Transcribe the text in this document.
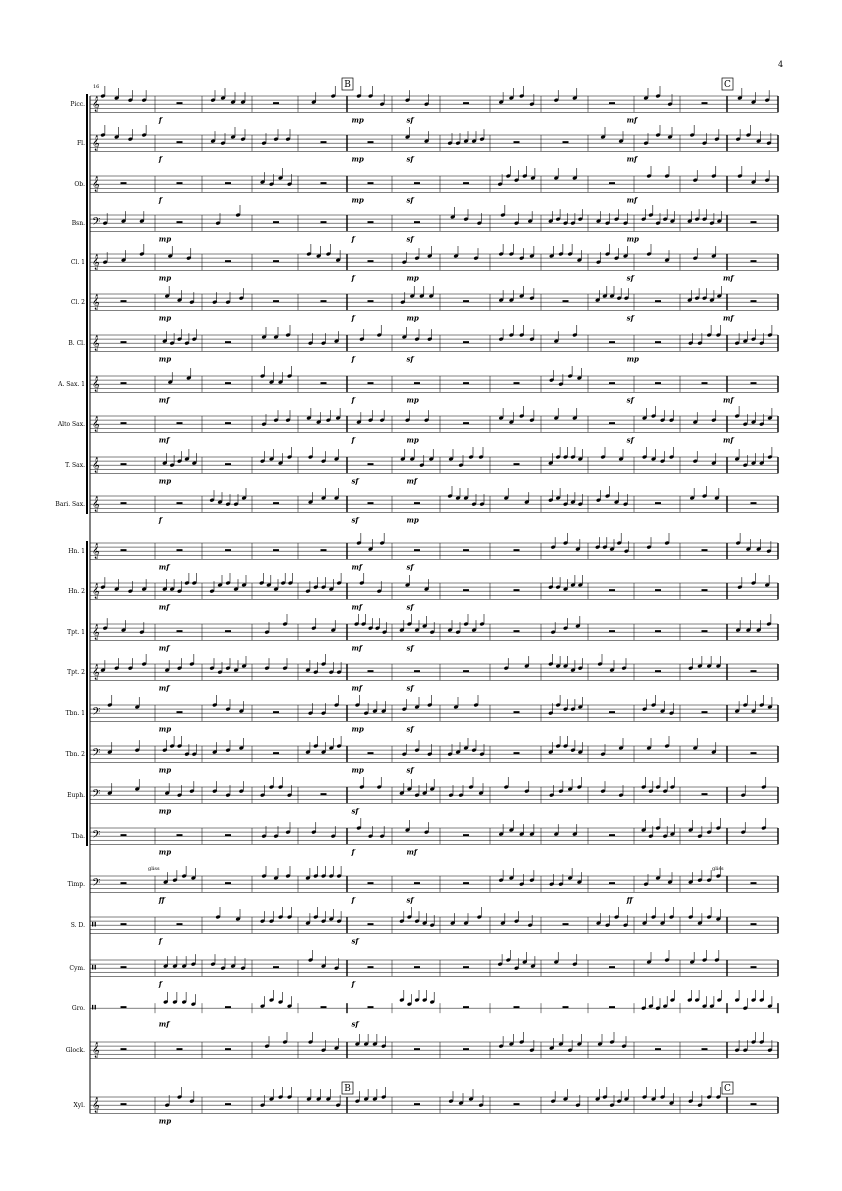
Picc. 𝄞
f	mp	sf	mf
Fl. 𝄞
f	mp	sf	mf
Ob. 𝄞
f	mp	sf	mf
Bsn. 𝄢
mp	f	sf	mp
Cl. 1 𝄞
mp	f	mp	sf	mf
Cl. 2 𝄞
mp	f	mp	sf	mf
B. Cl. 𝄞
mp	f	sf	mp
A. Sax. 1 𝄞
mf	f	mp	sf	mf
Alto Sax. 𝄞
mf	f	mp	sf	mf
T. Sax. 𝄞
mp	sf	mf
Bari. Sax. 𝄞
f	sf	mp
Hn. 1 𝄞
mf	mf	sf
Hn. 2 𝄞
mf	mf	sf
Tpt. 1 𝄞
mf	mf	sf
Tpt. 2 𝄞
mf	mf	sf
Tbn. 1 𝄢
mp	mp	sf
Tbn. 2 𝄢
mp	mp	sf
Euph. 𝄢
mp	sf
Tba. 𝄢
mp	f	mf
Timp. 𝄢
ff	f	sf	ff
S. D. 𝄥
f	sf
Cym. 𝄥
f	f
Gro. 𝄥
mf	sf
Glock. 𝄞
Xyl. 𝄞
mp
16	B	C
B	C
gliss	gliss
4
